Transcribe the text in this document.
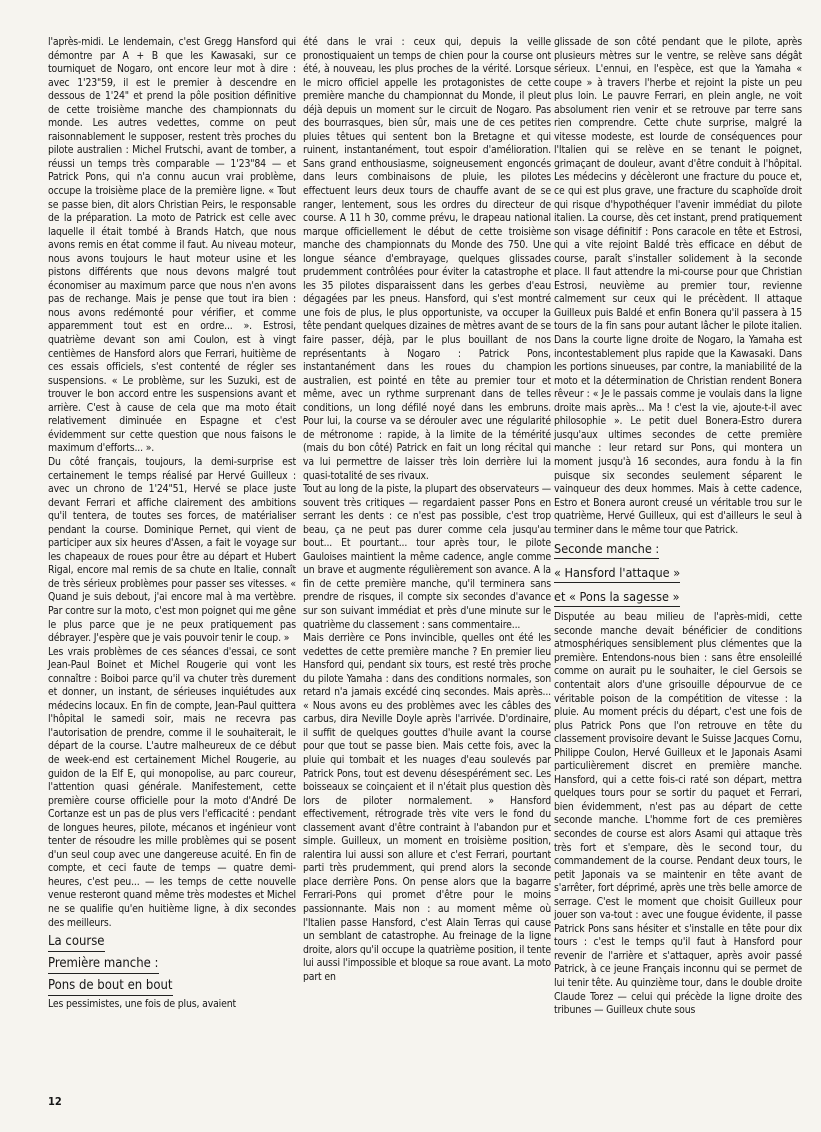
l'après-midi. Le lendemain, c'est Gregg Hansford qui démontre par A + B que les Kawasaki, sur ce tourniquet de Nogaro, ont encore leur mot à dire : avec 1'23"59, il est le premier à descendre en dessous de 1'24" et prend la pôle position définitive de cette troisième manche des championnats du monde. Les autres vedettes, comme on peut raisonnablement le supposer, restent très proches du pilote australien : Michel Frutschi, avant de tomber, a réussi un temps très comparable — 1'23"84 — et Patrick Pons, qui n'a connu aucun vrai problème, occupe la troisième place de la première ligne. « Tout se passe bien, dit alors Christian Peirs, le responsable de la préparation. La moto de Patrick est celle avec laquelle il était tombé à Brands Hatch, que nous avons remis en état comme il faut. Au niveau moteur, nous avons toujours le haut moteur usine et les pistons différents que nous devons malgré tout économiser au maximum parce que nous n'en avons pas de rechange. Mais je pense que tout ira bien : nous avons redémonté pour vérifier, et comme apparemment tout est en ordre... ». Estrosi, quatrième devant son ami Coulon, est à vingt centièmes de Hansford alors que Ferrari, huitième de ces essais officiels, s'est contenté de régler ses suspensions. « Le problème, sur les Suzuki, est de trouver le bon accord entre les suspensions avant et arrière. C'est à cause de cela que ma moto était relativement diminuée en Espagne et c'est évidemment sur cette question que nous faisons le maximum d'efforts... ».

Du côté français, toujours, la demi-surprise est certainement le temps réalisé par Hervé Guilleux : avec un chrono de 1'24"51, Hervé se place juste devant Ferrari et affiche clairement des ambitions qu'il tentera, de toutes ses forces, de matérialiser pendant la course. Dominique Pernet, qui vient de participer aux six heures d'Assen, a fait le voyage sur les chapeaux de roues pour être au départ et Hubert Rigal, encore mal remis de sa chute en Italie, connaît de très sérieux problèmes pour passer ses vitesses. « Quand je suis debout, j'ai encore mal à ma vertèbre. Par contre sur la moto, c'est mon poignet qui me gêne le plus parce que je ne peux pratiquement pas débrayer. J'espère que je vais pouvoir tenir le coup. »

Les vrais problèmes de ces séances d'essai, ce sont Jean-Paul Boinet et Michel Rougerie qui vont les connaître : Boiboi parce qu'il va chuter très durement et donner, un instant, de sérieuses inquiétudes aux médecins locaux. En fin de compte, Jean-Paul quittera l'hôpital le samedi soir, mais ne recevra pas l'autorisation de prendre, comme il le souhaiterait, le départ de la course. L'autre malheureux de ce début de week-end est certainement Michel Rougerie, au guidon de la Elf E, qui monopolise, au parc coureur, l'attention quasi générale. Manifestement, cette première course officielle pour la moto d'André De Cortanze est un pas de plus vers l'efficacité : pendant de longues heures, pilote, mécanos et ingénieur vont tenter de résoudre les mille problèmes qui se posent d'un seul coup avec une dangereuse acuité. En fin de compte, et ceci faute de temps — quatre demi-heures, c'est peu... — les temps de cette nouvelle venue resteront quand même très modestes et Michel ne se qualifie qu'en huitième ligne, à dix secondes des meilleurs.

La course
Première manche :
Pons de bout en bout

Les pessimistes, une fois de plus, avaient

été dans le vrai : ceux qui, depuis la veille pronostiquaient un temps de chien pour la course ont été, à nouveau, les plus proches de la vérité. Lorsque le micro officiel appelle les protagonistes de cette première manche du championnat du Monde, il pleut déjà depuis un moment sur le circuit de Nogaro. Pas des bourrasques, bien sûr, mais une de ces petites pluies têtues qui sentent bon la Bretagne et qui ruinent, instantanément, tout espoir d'amélioration. Sans grand enthousiasme, soigneusement engoncés dans leurs combinaisons de pluie, les pilotes effectuent leurs deux tours de chauffe avant de se ranger, lentement, sous les ordres du directeur de course. A 11 h 30, comme prévu, le drapeau national marque officiellement le début de cette troisième manche des championnats du Monde des 750. Une longue séance d'embrayage, quelques glissades prudemment contrôlées pour éviter la catastrophe et les 35 pilotes disparaissent dans les gerbes d'eau dégagées par les pneus. Hansford, qui s'est montré une fois de plus, le plus opportuniste, va occuper la tête pendant quelques dizaines de mètres avant de se faire passer, déjà, par le plus bouillant de nos représentants à Nogaro : Patrick Pons, instantanément dans les roues du champion australien, est pointé en tête au premier tour et même, avec un rythme surprenant dans de telles conditions, un long défilé noyé dans les embruns. Pour lui, la course va se dérouler avec une régularité de métronome : rapide, à la limite de la témérité (mais du bon côté) Patrick en fait un long récital qui va lui permettre de laisser très loin derrière lui la quasi-totalité de ses rivaux.

Tout au long de la piste, la plupart des observateurs — souvent très critiques — regardaient passer Pons en serrant les dents : ce n'est pas possible, c'est trop beau, ça ne peut pas durer comme cela jusqu'au bout... Et pourtant... tour après tour, le pilote Gauloises maintient la même cadence, angle comme un brave et augmente régulièrement son avance. A la fin de cette première manche, qu'il terminera sans prendre de risques, il compte six secondes d'avance sur son suivant immédiat et près d'une minute sur le quatrième du classement : sans commentaire...

Mais derrière ce Pons invincible, quelles ont été les vedettes de cette première manche ? En premier lieu Hansford qui, pendant six tours, est resté très proche du pilote Yamaha : dans des conditions normales, son retard n'a jamais excédé cinq secondes. Mais après... « Nous avons eu des problèmes avec les câbles des carbus, dira Neville Doyle après l'arrivée. D'ordinaire, il suffit de quelques gouttes d'huile avant la course pour que tout se passe bien. Mais cette fois, avec la pluie qui tombait et les nuages d'eau soulevés par Patrick Pons, tout est devenu désespérément sec. Les boisseaux se coinçaient et il n'était plus question dès lors de piloter normalement. » Hansford effectivement, rétrograde très vite vers le fond du classement avant d'être contraint à l'abandon pur et simple. Guilleux, un moment en troisième position, ralentira lui aussi son allure et c'est Ferrari, pourtant parti très prudemment, qui prend alors la seconde place derrière Pons. On pense alors que la bagarre Ferrari-Pons qui promet d'être pour le moins passionnante. Mais non : au moment même où l'Italien passe Hansford, c'est Alain Terras qui cause un semblant de catastrophe. Au freinage de la ligne droite, alors qu'il occupe la quatrième position, il tente lui aussi l'impossible et bloque sa roue avant. La moto part en

glissade de son côté pendant que le pilote, après plusieurs mètres sur le ventre, se relève sans dégât sérieux. L'ennui, en l'espèce, est que la Yamaha « coupe » à travers l'herbe et rejoint la piste un peu plus loin. Le pauvre Ferrari, en plein angle, ne voit absolument rien venir et se retrouve par terre sans rien comprendre. Cette chute surprise, malgré la vitesse modeste, est lourde de conséquences pour l'Italien qui se relève en se tenant le poignet, grimaçant de douleur, avant d'être conduit à l'hôpital. Les médecins y décèleront une fracture du pouce et, ce qui est plus grave, une fracture du scaphoïde droit qui risque d'hypothéquer l'avenir immédiat du pilote italien. La course, dès cet instant, prend pratiquement son visage définitif : Pons caracole en tête et Estrosi, qui a vite rejoint Baldé très efficace en début de course, paraît s'installer solidement à la seconde place. Il faut attendre la mi-course pour que Christian Estrosi, neuvième au premier tour, revienne calmement sur ceux qui le précèdent. Il attaque Guilleux puis Baldé et enfin Bonera qu'il passera à 15 tours de la fin sans pour autant lâcher le pilote italien. Dans la courte ligne droite de Nogaro, la Yamaha est incontestablement plus rapide que la Kawasaki. Dans les portions sinueuses, par contre, la maniabilité de la moto et la détermination de Christian rendent Bonera rêveur : « Je le passais comme je voulais dans la ligne droite mais après... Ma ! c'est la vie, ajoute-t-il avec philosophie ». Le petit duel Bonera-Estro durera jusqu'aux ultimes secondes de cette première manche : leur retard sur Pons, qui montera un moment jusqu'à 16 secondes, aura fondu à la fin puisque six secondes seulement séparent le vainqueur des deux hommes. Mais à cette cadence, Estro et Bonera auront creusé un véritable trou sur le quatrième, Hervé Guilleux, qui est d'ailleurs le seul à terminer dans le même tour que Patrick.

Seconde manche :
« Hansford l'attaque »
et « Pons la sagesse »

Disputée au beau milieu de l'après-midi, cette seconde manche devait bénéficier de conditions atmosphériques sensiblement plus clémentes que la première. Entendons-nous bien : sans être ensoleillé comme on aurait pu le souhaiter, le ciel Gersois se contentait alors d'une grisouille dépourvue de ce véritable poison de la compétition de vitesse : la pluie. Au moment précis du départ, c'est une fois de plus Patrick Pons que l'on retrouve en tête du classement provisoire devant le Suisse Jacques Cornu, Philippe Coulon, Hervé Guilleux et le Japonais Asami particulièrement discret en première manche. Hansford, qui a cette fois-ci raté son départ, mettra quelques tours pour se sortir du paquet et Ferrari, bien évidemment, n'est pas au départ de cette seconde manche. L'homme fort de ces premières secondes de course est alors Asami qui attaque très très fort et s'empare, dès le second tour, du commandement de la course. Pendant deux tours, le petit Japonais va se maintenir en tête avant de s'arrêter, fort déprimé, après une très belle amorce de serrage. C'est le moment que choisit Guilleux pour jouer son va-tout : avec une fougue évidente, il passe Patrick Pons sans hésiter et s'installe en tête pour dix tours : c'est le temps qu'il faut à Hansford pour revenir de l'arrière et s'attaquer, après avoir passé Patrick, à ce jeune Français inconnu qui se permet de lui tenir tête. Au quinzième tour, dans le double droite Claude Torez — celui qui précède la ligne droite des tribunes — Guilleux chute sous

12
